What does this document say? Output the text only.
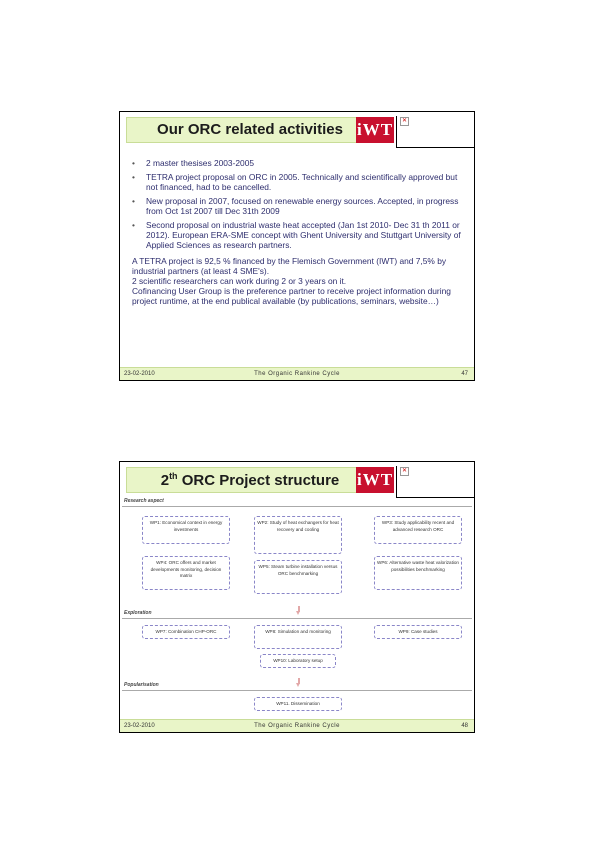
Our ORC related activities iWT	✕
• 2 master thesises 2003-2005
• TETRA project proposal on ORC in 2005. Technically and scientifically approved but not financed, had to be cancelled.
• New proposal in 2007, focused on renewable energy sources. Accepted, in progress from Oct 1st 2007 till Dec 31th 2009
• Second proposal on industrial waste heat accepted (Jan 1st 2010- Dec 31 th 2011 or 2012). European ERA-SME concept with Ghent University and Stuttgart University of Applied Sciences as research partners.
A TETRA project is 92,5 % financed by the Flemisch Government (IWT) and 7,5% by industrial partners (at least 4 SME's).
2 scientific researchers can work during 2 or 3 years on it.
Cofinancing User Group is the preference partner to receive project information during project runtime, at the end publical available (by publications, seminars, website…)
23-02-2010	The Organic Rankine Cycle	47
2th ORC Project structure	iWT	✕
Research aspect
WP1: Economical context in energy investments
WP2: Study of heat exchangers for heat recovery and cooling
WP3: Study applicability recent and advanced research ORC
WP4: ORC offers and market developments monitoring, decision matrix
WP5: Steam turbine installation versus ORC benchmarking
WP6: Alternative waste heat valorization possibilities benchmarking
Exploration
WP7: Combination CHP-ORC	WP8: Simulation and monitoring	WP9: Case studies
WP10: Laboratory setup
Popularisation
WP11. Dissemination
23-02-2010	The Organic Rankine Cycle	48
